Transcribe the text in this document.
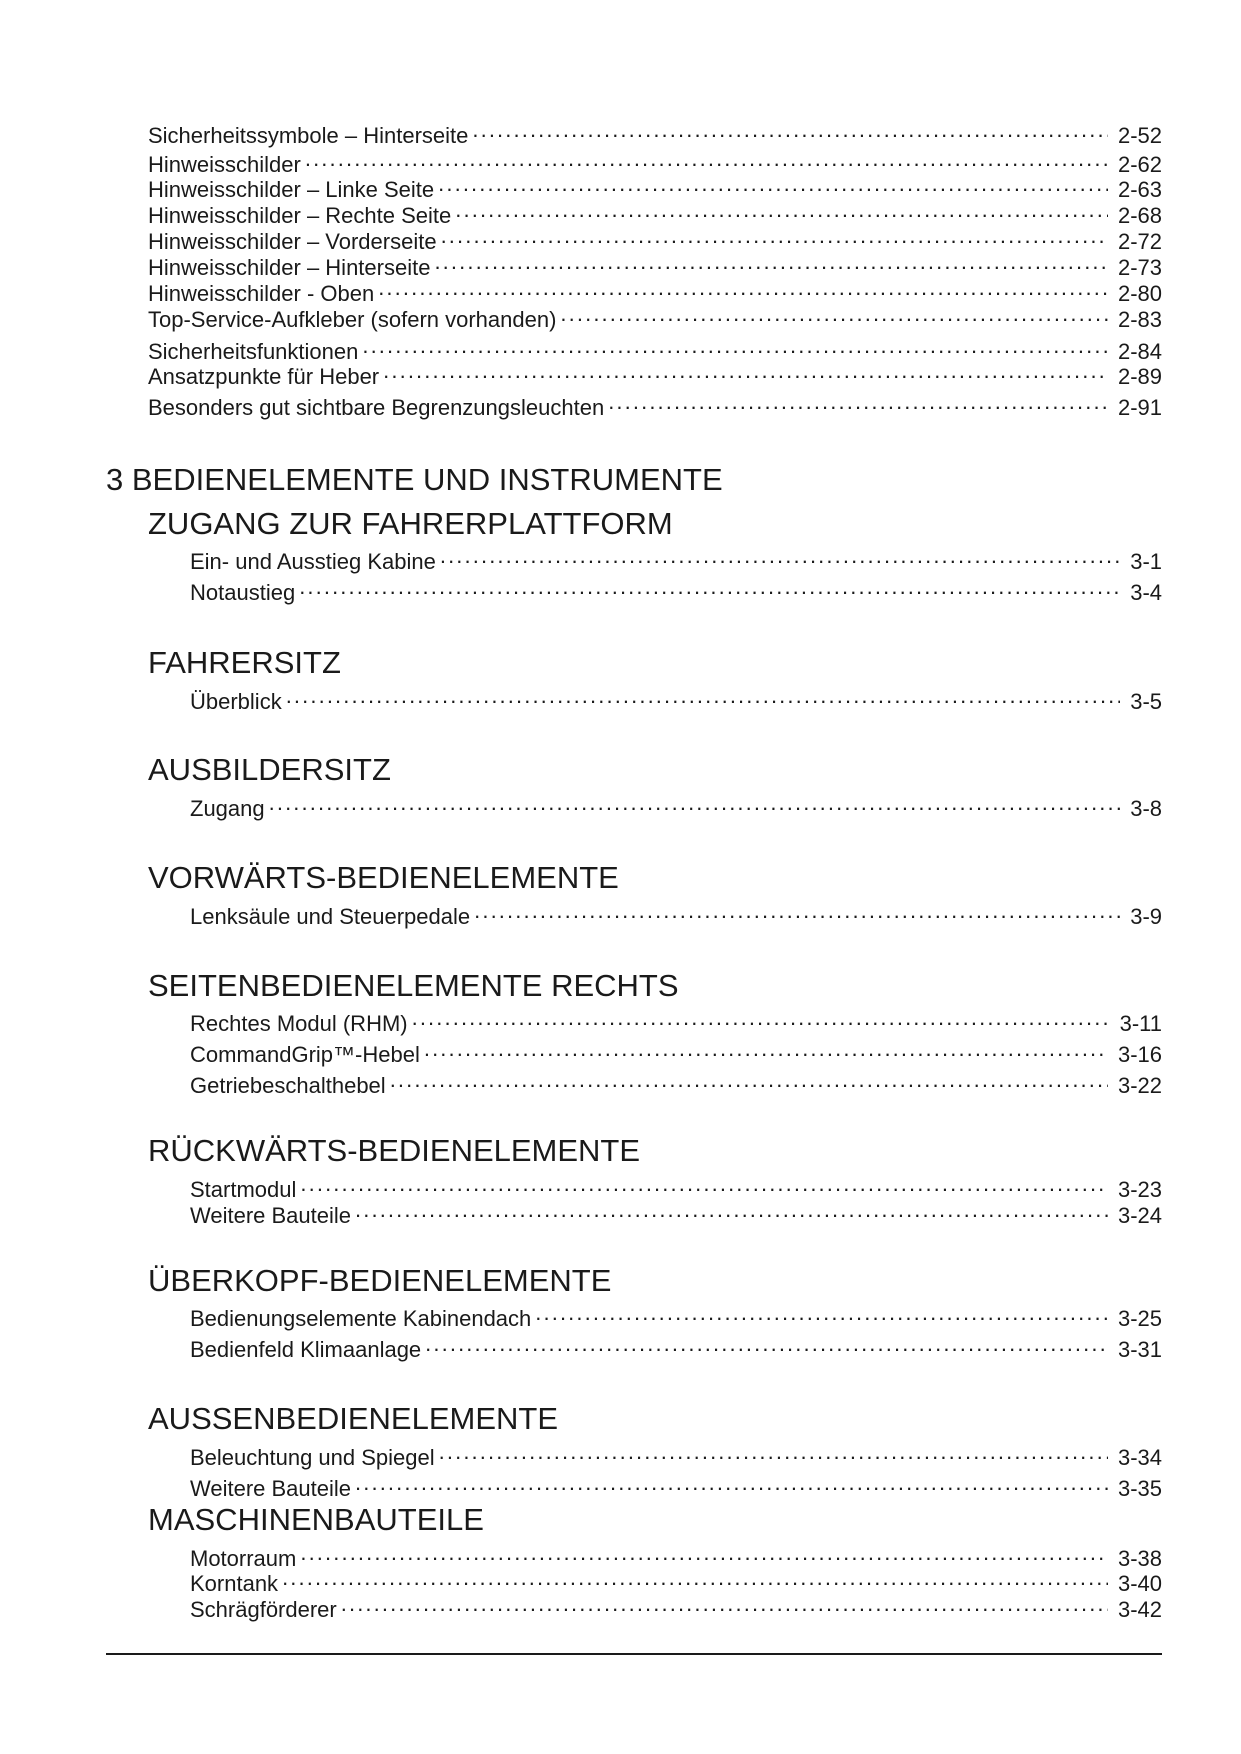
Sicherheitssymbole – Hinterseite . . .	2-52
Hinweisschilder . . .	2-62
Hinweisschilder – Linke Seite . . .	2-63
Hinweisschilder – Rechte Seite . . .	2-68
Hinweisschilder – Vorderseite . . .	2-72
Hinweisschilder – Hinterseite . . .	2-73
Hinweisschilder - Oben . . .	2-80
Top-Service-Aufkleber (sofern vorhanden) . . .	2-83
Sicherheitsfunktionen . . .	2-84
Ansatzpunkte für Heber . . .	2-89
Besonders gut sichtbare Begrenzungsleuchten . . .	2-91
3 BEDIENELEMENTE UND INSTRUMENTE
ZUGANG ZUR FAHRERPLATTFORM
Ein- und Ausstieg Kabine . . .	3-1
Notaustieg . . .	3-4
FAHRERSITZ
Überblick . . .	3-5
AUSBILDERSITZ
Zugang . . .	3-8
VORWÄRTS-BEDIENELEMENTE
Lenksäule und Steuerpedale . . .	3-9
SEITENBEDIENELEMENTE RECHTS
Rechtes Modul (RHM) . . .	3-11
CommandGrip™-Hebel . . .	3-16
Getriebeschalthebel . . .	3-22
RÜCKWÄRTS-BEDIENELEMENTE
Startmodul . . .	3-23
Weitere Bauteile . . .	3-24
ÜBERKOPF-BEDIENELEMENTE
Bedienungselemente Kabinendach . . .	3-25
Bedienfeld Klimaanlage . . .	3-31
AUSSENBEDIENELEMENTE
Beleuchtung und Spiegel . . .	3-34
Weitere Bauteile . . .	3-35
MASCHINENBAUTEILE
Motorraum . . .	3-38
Korntank . . .	3-40
Schrägförderer . . .	3-42
